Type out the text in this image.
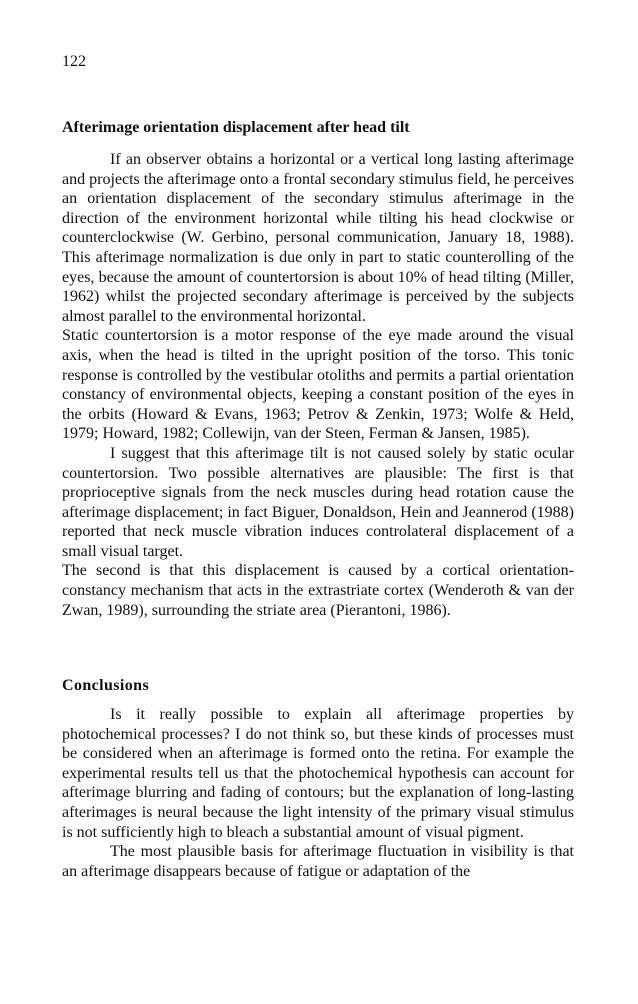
122
Afterimage orientation displacement after head tilt

If an observer obtains a horizontal or a vertical long lasting afterimage and projects the afterimage onto a frontal secondary stimulus field, he perceives an orientation displacement of the secondary stimulus afterimage in the direction of the environment horizontal while tilting his head clockwise or counterclockwise (W. Gerbino, personal communication, January 18, 1988). This afterimage normalization is due only in part to static counterolling of the eyes, because the amount of countertorsion is about 10% of head tilting (Miller, 1962) whilst the projected secondary afterimage is perceived by the subjects almost parallel to the environmental horizontal.

Static countertorsion is a motor response of the eye made around the visual axis, when the head is tilted in the upright position of the torso. This tonic response is controlled by the vestibular otoliths and permits a partial orientation constancy of environmental objects, keeping a constant position of the eyes in the orbits (Howard & Evans, 1963; Petrov & Zenkin, 1973; Wolfe & Held, 1979; Howard, 1982; Collewijn, van der Steen, Ferman & Jansen, 1985).

I suggest that this afterimage tilt is not caused solely by static ocular countertorsion. Two possible alternatives are plausible: The first is that proprioceptive signals from the neck muscles during head rotation cause the afterimage displacement; in fact Biguer, Donaldson, Hein and Jeannerod (1988) reported that neck muscle vibration induces controlateral displacement of a small visual target.

The second is that this displacement is caused by a cortical orientation-constancy mechanism that acts in the extrastriate cortex (Wenderoth & van der Zwan, 1989), surrounding the striate area (Pierantoni, 1986).

Conclusions

Is it really possible to explain all afterimage properties by photochemical processes? I do not think so, but these kinds of processes must be considered when an afterimage is formed onto the retina. For example the experimental results tell us that the photochemical hypothesis can account for afterimage blurring and fading of contours; but the explanation of long-lasting afterimages is neural because the light intensity of the primary visual stimulus is not sufficiently high to bleach a substantial amount of visual pigment.

The most plausible basis for afterimage fluctuation in visibility is that an afterimage disappears because of fatigue or adaptation of the
